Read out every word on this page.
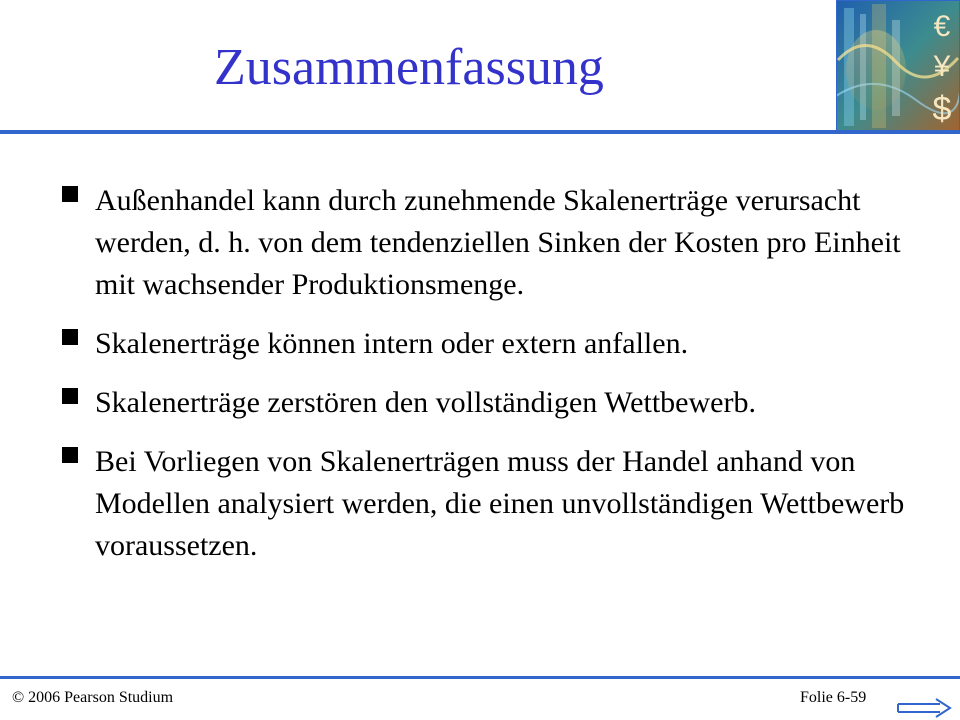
Zusammenfassung
€
¥
$
Außenhandel kann durch zunehmende Skalenerträge verursacht werden, d. h. von dem tendenziellen Sinken der Kosten pro Einheit mit wachsender Produktionsmenge.
Skalenerträge können intern oder extern anfallen.
Skalenerträge zerstören den vollständigen Wettbewerb.
Bei Vorliegen von Skalenerträgen muss der Handel anhand von Modellen analysiert werden, die einen unvollständigen Wettbewerb voraussetzen.
© 2006 Pearson Studium	Folie 6-59
